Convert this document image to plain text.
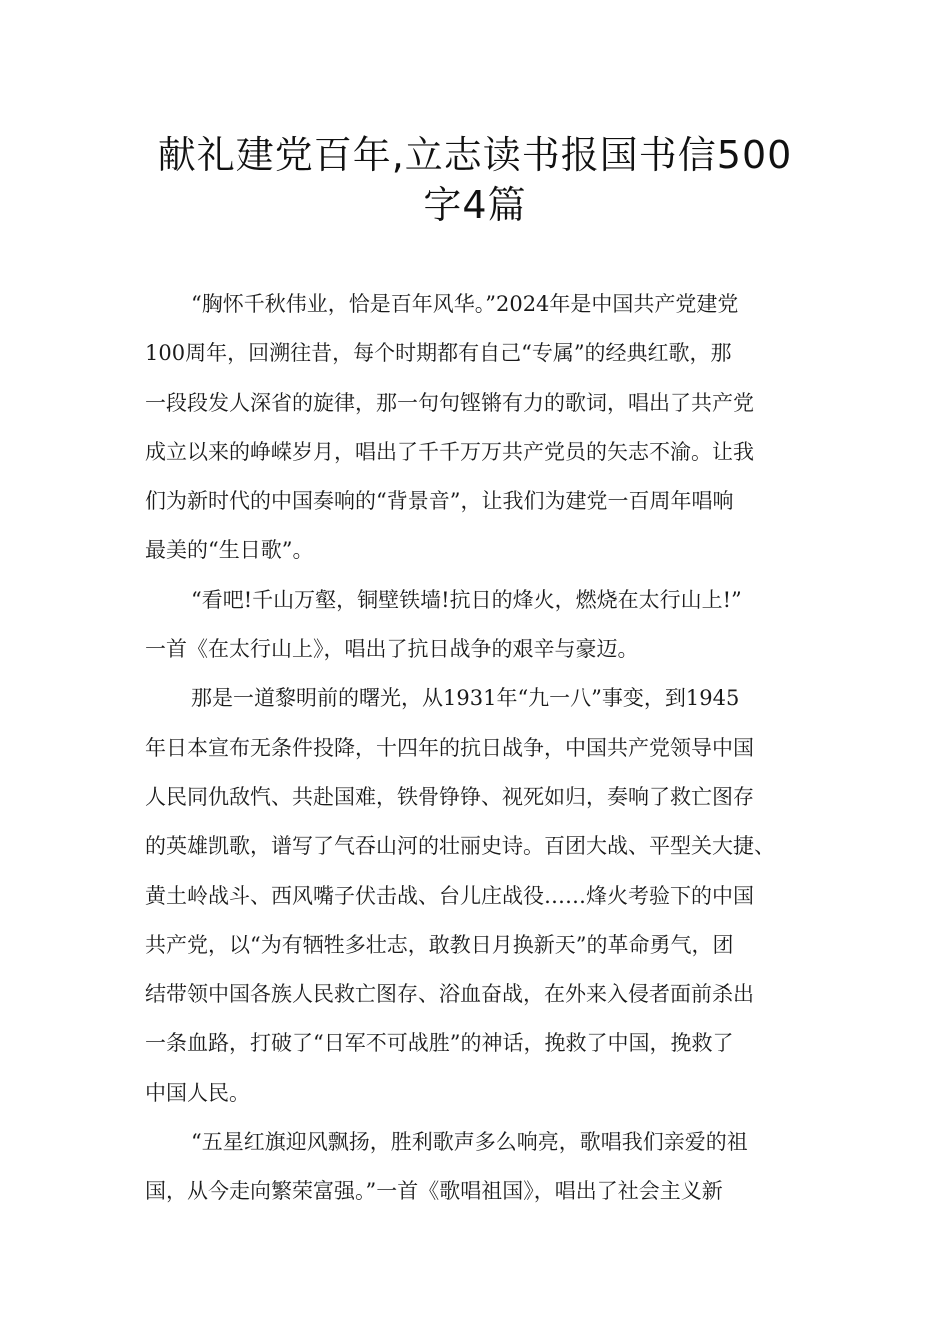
献礼建党百年,立志读书报国书信500
字4篇
“胸怀千秋伟业，恰是百年风华。”2024年是中国共产党建党
100周年，回溯往昔，每个时期都有自己“专属”的经典红歌，那
一段段发人深省的旋律，那一句句铿锵有力的歌词，唱出了共产党
成立以来的峥嵘岁月，唱出了千千万万共产党员的矢志不渝。让我
们为新时代的中国奏响的“背景音”，让我们为建党一百周年唱响
最美的“生日歌”。
“看吧!千山万壑，铜壁铁墙!抗日的烽火，燃烧在太行山上!”
一首《在太行山上》，唱出了抗日战争的艰辛与豪迈。
那是一道黎明前的曙光，从1931年“九一八”事变，到1945
年日本宣布无条件投降，十四年的抗日战争，中国共产党领导中国
人民同仇敌忾、共赴国难，铁骨铮铮、视死如归，奏响了救亡图存
的英雄凯歌，谱写了气吞山河的壮丽史诗。百团大战、平型关大捷、
黄土岭战斗、西风嘴子伏击战、台儿庄战役……烽火考验下的中国
共产党，以“为有牺牲多壮志，敢教日月换新天”的革命勇气，团
结带领中国各族人民救亡图存、浴血奋战，在外来入侵者面前杀出
一条血路，打破了“日军不可战胜”的神话，挽救了中国，挽救了
中国人民。
“五星红旗迎风飘扬，胜利歌声多么响亮，歌唱我们亲爱的祖
国，从今走向繁荣富强。”一首《歌唱祖国》，唱出了社会主义新
